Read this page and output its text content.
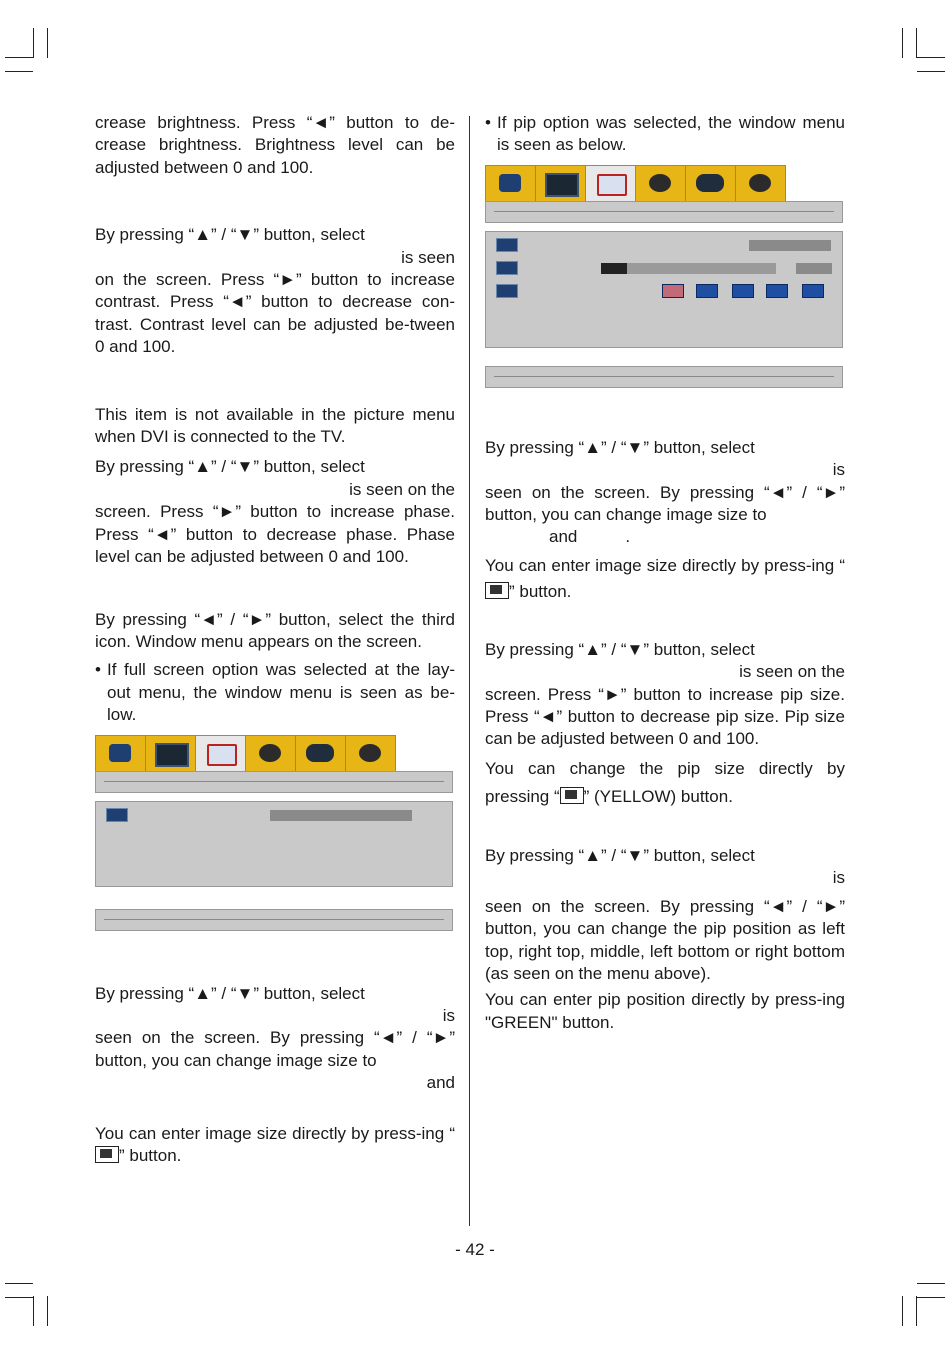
crease brightness. Press “◄” button to de-crease brightness. Brightness level can be adjusted between 0 and 100.

By pressing “▲” / “▼” button, select

is seen

on the screen. Press “►” button to increase contrast. Press “◄” button to decrease con-trast. Contrast level can be adjusted be-tween 0 and 100.

This item is not available in the picture menu when DVI is connected to the TV.

By pressing “▲” / “▼” button, select

is seen on the

screen. Press “►” button to increase phase. Press “◄” button to decrease phase. Phase level can be adjusted between 0 and 100.

By pressing “◄” / “►” button, select the third icon. Window menu appears on the screen.

• If full screen option was selected at the lay-out menu, the window menu is seen as be-low.

By pressing “▲” / “▼” button, select

is

seen on the screen. By pressing “◄” / “►” button, you can change image size to

and

You can enter image size directly by press-ing “
” button.

• If pip option was selected, the window menu is seen as below.

By pressing “▲” / “▼” button, select

is

seen on the screen. By pressing “◄” / “►” button, you can change image size to

and	.

You can enter image size directly by press-ing “
” button.

By pressing “▲” / “▼” button, select

is seen on the

screen. Press “►” button to increase pip size. Press “◄” button to decrease pip size. Pip size can be adjusted between 0 and 100.

You can change the pip size directly by pressing “ ” (YELLOW) button.

By pressing “▲” / “▼” button, select

is

seen on the screen. By pressing “◄” / “►” button, you can change the pip position as left top, right top, middle, left bottom or right bottom (as seen on the menu above).

You can enter pip position directly by press-ing "GREEN" button.

- 42 -
